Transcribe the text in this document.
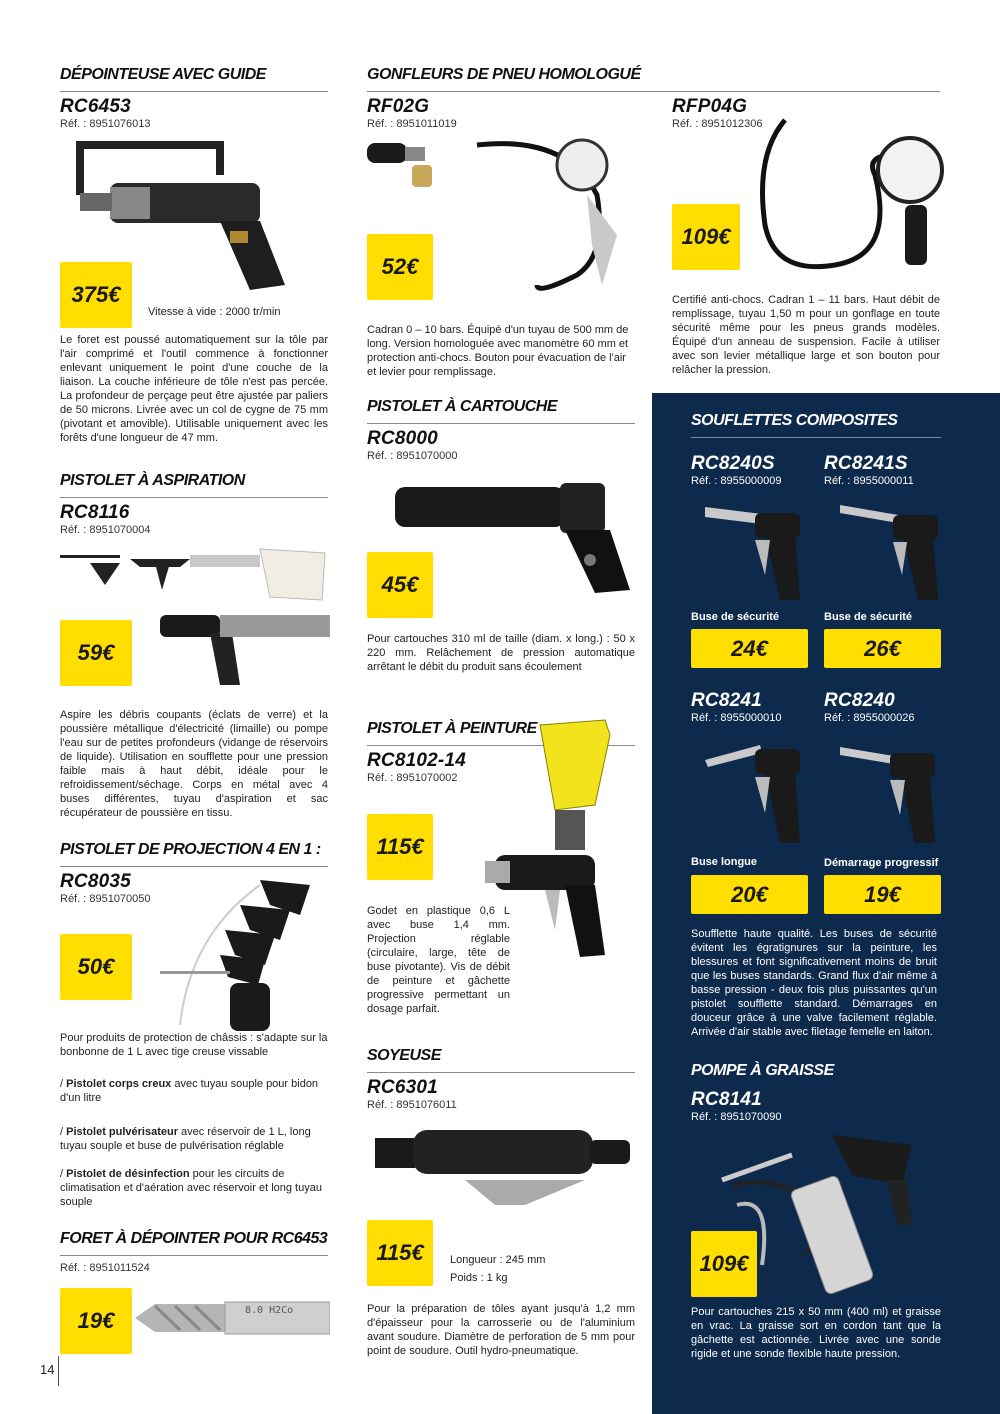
DÉPOINTEUSE AVEC GUIDE
RC6453
Réf. : 8951076013
375€
Vitesse à vide : 2000 tr/min

Le foret est poussé automatiquement sur la tôle par l'air comprimé et l'outil commence à fonctionner enlevant uniquement le point d'une couche de la liaison. La couche inférieure de tôle n'est pas percée. La profondeur de perçage peut être ajustée par paliers de 50 microns. Livrée avec un col de cygne de 75 mm (pivotant et amovible). Utilisable uniquement avec les forêts d'une longueur de 47 mm.

PISTOLET À ASPIRATION
RC8116
Réf. : 8951070004
59€

Aspire les débris coupants (éclats de verre) et la poussière métallique d'électricité (limaille) ou pompe l'eau sur de petites profondeurs (vidange de réservoirs de liquide). Utilisation en soufflette pour une pression faible mais à haut débit, idéale pour le refroidissement/séchage. Corps en métal avec 4 buses différentes, tuyau d'aspiration et sac récupérateur de poussière en tissu.

PISTOLET DE PROJECTION 4 EN 1 :
RC8035
Réf. : 8951070050
50€

Pour produits de protection de châssis : s'adapte sur la bonbonne de 1 L avec tige creuse vissable

/ Pistolet corps creux avec tuyau souple pour bidon d'un litre
/ Pistolet pulvérisateur avec réservoir de 1 L, long tuyau souple et buse de pulvérisation réglable
/ Pistolet de désinfection pour les circuits de climatisation et d'aération avec réservoir et long tuyau souple
FORET À DÉPOINTER POUR RC6453
Réf. : 8951011524
19€	8.0 H2Co
14
GONFLEURS DE PNEU HOMOLOGUÉ
RF02G
Réf. : 8951011019
52€

Cadran 0 – 10 bars. Équipé d'un tuyau de 500 mm de long. Version homologuée avec manomètre 60 mm et protection anti-chocs. Bouton pour évacuation de l'air et levier pour remplissage.

RFP04G
Réf. : 8951012306
109€

Certifié anti-chocs. Cadran 1 – 11 bars. Haut débit de remplissage, tuyau 1,50 m pour un gonflage en toute sécurité même pour les pneus grands modèles. Équipé d'un anneau de suspension. Facile à utiliser avec son levier métallique large et son bouton pour relâcher la pression.

PISTOLET À CARTOUCHE
RC8000
Réf. : 8951070000
45€

Pour cartouches 310 ml de taille (diam. x long.) : 50 x 220 mm. Relâchement de pression automatique arrêtant le débit du produit sans écoulement

PISTOLET À PEINTURE
RC8102-14
Réf. : 8951070002
115€

Godet en plastique 0,6 L avec buse 1,4 mm. Projection réglable (circulaire, large, tête de buse pivotante). Vis de débit de peinture et gâchette progressive permettant un dosage parfait.

SOYEUSE
RC6301
Réf. : 8951076011
115€	Longueur : 245 mm
Poids : 1 kg

Pour la préparation de tôles ayant jusqu'à 1,2 mm d'épaisseur pour la carrosserie ou de l'aluminium avant soudure. Diamètre de perforation de 5 mm pour point de soudure. Outil hydro-pneumatique.

SOUFLETTES COMPOSITES
RC8240S
Réf. : 8955000009
Buse de sécurité
24€
RC8241S
Réf. : 8955000011
Buse de sécurité
26€
RC8241
Réf. : 8955000010
Buse longue
20€
RC8240
Réf. : 8955000026
Démarrage progressif
19€

Soufflette haute qualité. Les buses de sécurité évitent les égratignures sur la peinture, les blessures et font significativement moins de bruit que les buses standards. Grand flux d'air même à basse pression - deux fois plus puissantes qu'un pistolet soufflette standard. Démarrages en douceur grâce à une valve facilement réglable. Arrivée d'air stable avec filetage femelle en laiton.

POMPE À GRAISSE
RC8141
Réf. : 8951070090
109€

Pour cartouches 215 x 50 mm (400 ml) et graisse en vrac. La graisse sort en cordon tant que la gâchette est actionnée. Livrée avec une sonde rigide et une sonde flexible haute pression.
